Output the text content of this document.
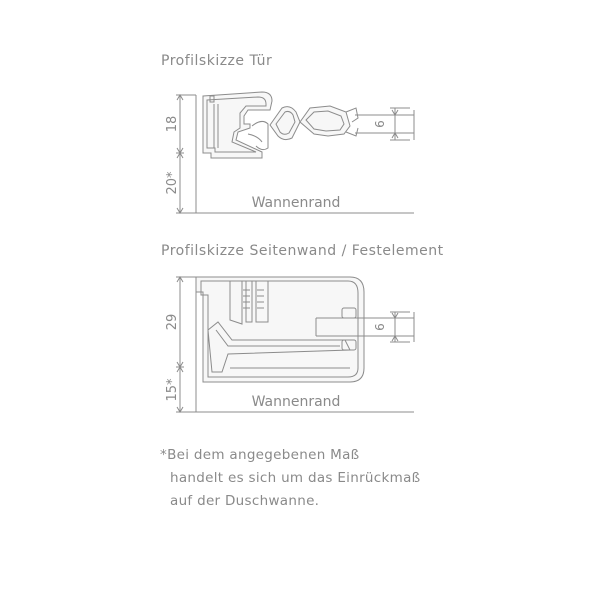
Profilskizze Tür
Profilskizze Seitenwand / Festelement
18
20*
6
Wannenrand
29
15*
6
Wannenrand
*Bei dem angegebenen Maß
handelt es sich um das Einrückmaß
auf der Duschwanne.
